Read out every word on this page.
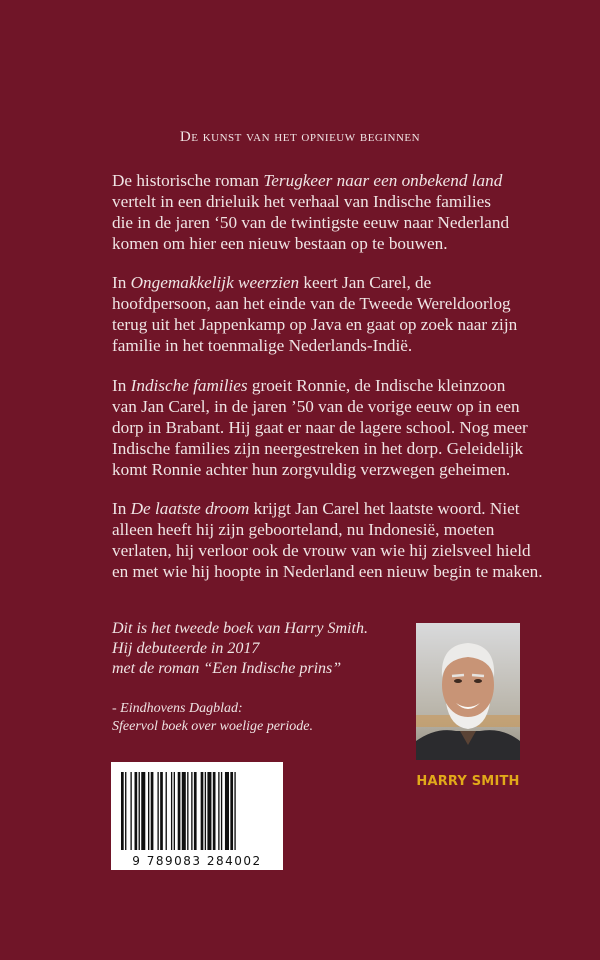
De kunst van het opnieuw beginnen

De historische roman Terugkeer naar een onbekend land

vertelt in een drieluik het verhaal van Indische families

die in de jaren ‘50 van de twintigste eeuw naar Nederland

komen om hier een nieuw bestaan op te bouwen.

In Ongemakkelijk weerzien keert Jan Carel, de

hoofdpersoon, aan het einde van de Tweede Wereldoorlog

terug uit het Jappenkamp op Java en gaat op zoek naar zijn

familie in het toenmalige Nederlands-Indië.

In Indische families groeit Ronnie, de Indische kleinzoon

van Jan Carel, in de jaren ’50 van de vorige eeuw op in een

dorp in Brabant. Hij gaat er naar de lagere school. Nog meer

Indische families zijn neergestreken in het dorp. Geleidelijk

komt Ronnie achter hun zorgvuldig verzwegen geheimen.

In De laatste droom krijgt Jan Carel het laatste woord. Niet

alleen heeft hij zijn geboorteland, nu Indonesië, moeten

verlaten, hij verloor ook de vrouw van wie hij zielsveel hield

en met wie hij hoopte in Nederland een nieuw begin te maken.

Dit is het tweede boek van Harry Smith.

Hij debuteerde in 2017

met de roman “Een Indische prins”

- Eindhovens Dagblad:

Sfeervol boek over woelige periode.

HARRY SMITH
9 789083 284002
